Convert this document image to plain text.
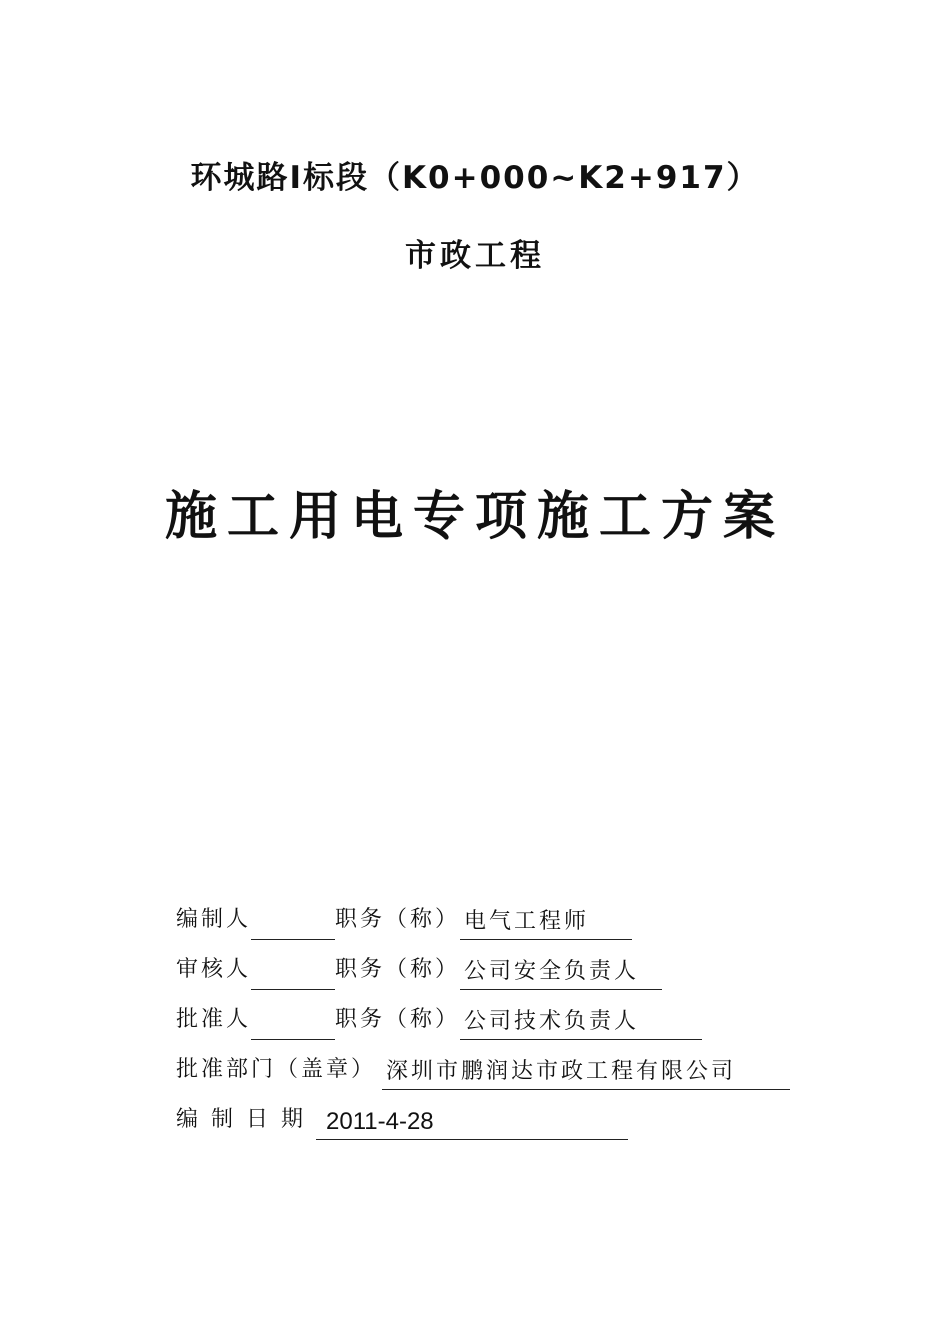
环城路Ⅰ标段（K0+000~K2+917）
市政工程
施工用电专项施工方案
编制人	职务（称） 电气工程师
审核人	职务（称） 公司安全负责人
批准人	职务（称） 公司技术负责人
批准部门（盖章） 深圳市鹏润达市政工程有限公司
编制日期 2011-4-28
